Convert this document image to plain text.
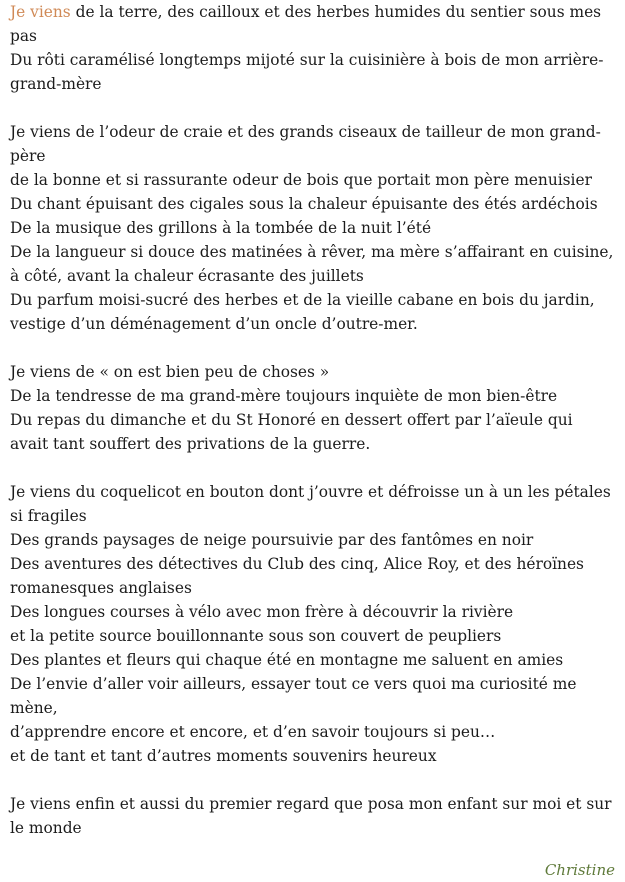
Je viens de la terre, des cailloux et des herbes humides du sentier sous mes pas
Du rôti caramélisé longtemps mijoté sur la cuisinière à bois de mon arrière-grand-mère
Je viens de l’odeur de craie et des grands ciseaux de tailleur de mon grand-père
de la bonne et si rassurante odeur de bois que portait mon père menuisier
Du chant épuisant des cigales sous la chaleur épuisante des étés ardéchois
De la musique des grillons à la tombée de la nuit l’été
De la langueur si douce des matinées à rêver, ma mère s’affairant en cuisine, à côté, avant la chaleur écrasante des juillets
Du parfum moisi-sucré des herbes et de la vieille cabane en bois du jardin, vestige d’un déménagement d’un oncle d’outre-mer.
Je viens de « on est bien peu de choses »
De la tendresse de ma grand-mère toujours inquiète de mon bien-être
Du repas du dimanche et du St Honoré en dessert offert par l’aïeule qui avait tant souffert des privations de la guerre.
Je viens du coquelicot en bouton dont j’ouvre et défroisse un à un les pétales si fragiles
Des grands paysages de neige poursuivie par des fantômes en noir
Des aventures des détectives du Club des cinq, Alice Roy, et des héroïnes romanesques anglaises
Des longues courses à vélo avec mon frère à découvrir la rivière
et la petite source bouillonnante sous son couvert de peupliers
Des plantes et fleurs qui chaque été en montagne me saluent en amies
De l’envie d’aller voir ailleurs, essayer tout ce vers quoi ma curiosité me mène,
d’apprendre encore et encore, et d’en savoir toujours si peu…
et de tant et tant d’autres moments souvenirs heureux
Je viens enfin et aussi du premier regard que posa mon enfant sur moi et sur le monde
Christine
